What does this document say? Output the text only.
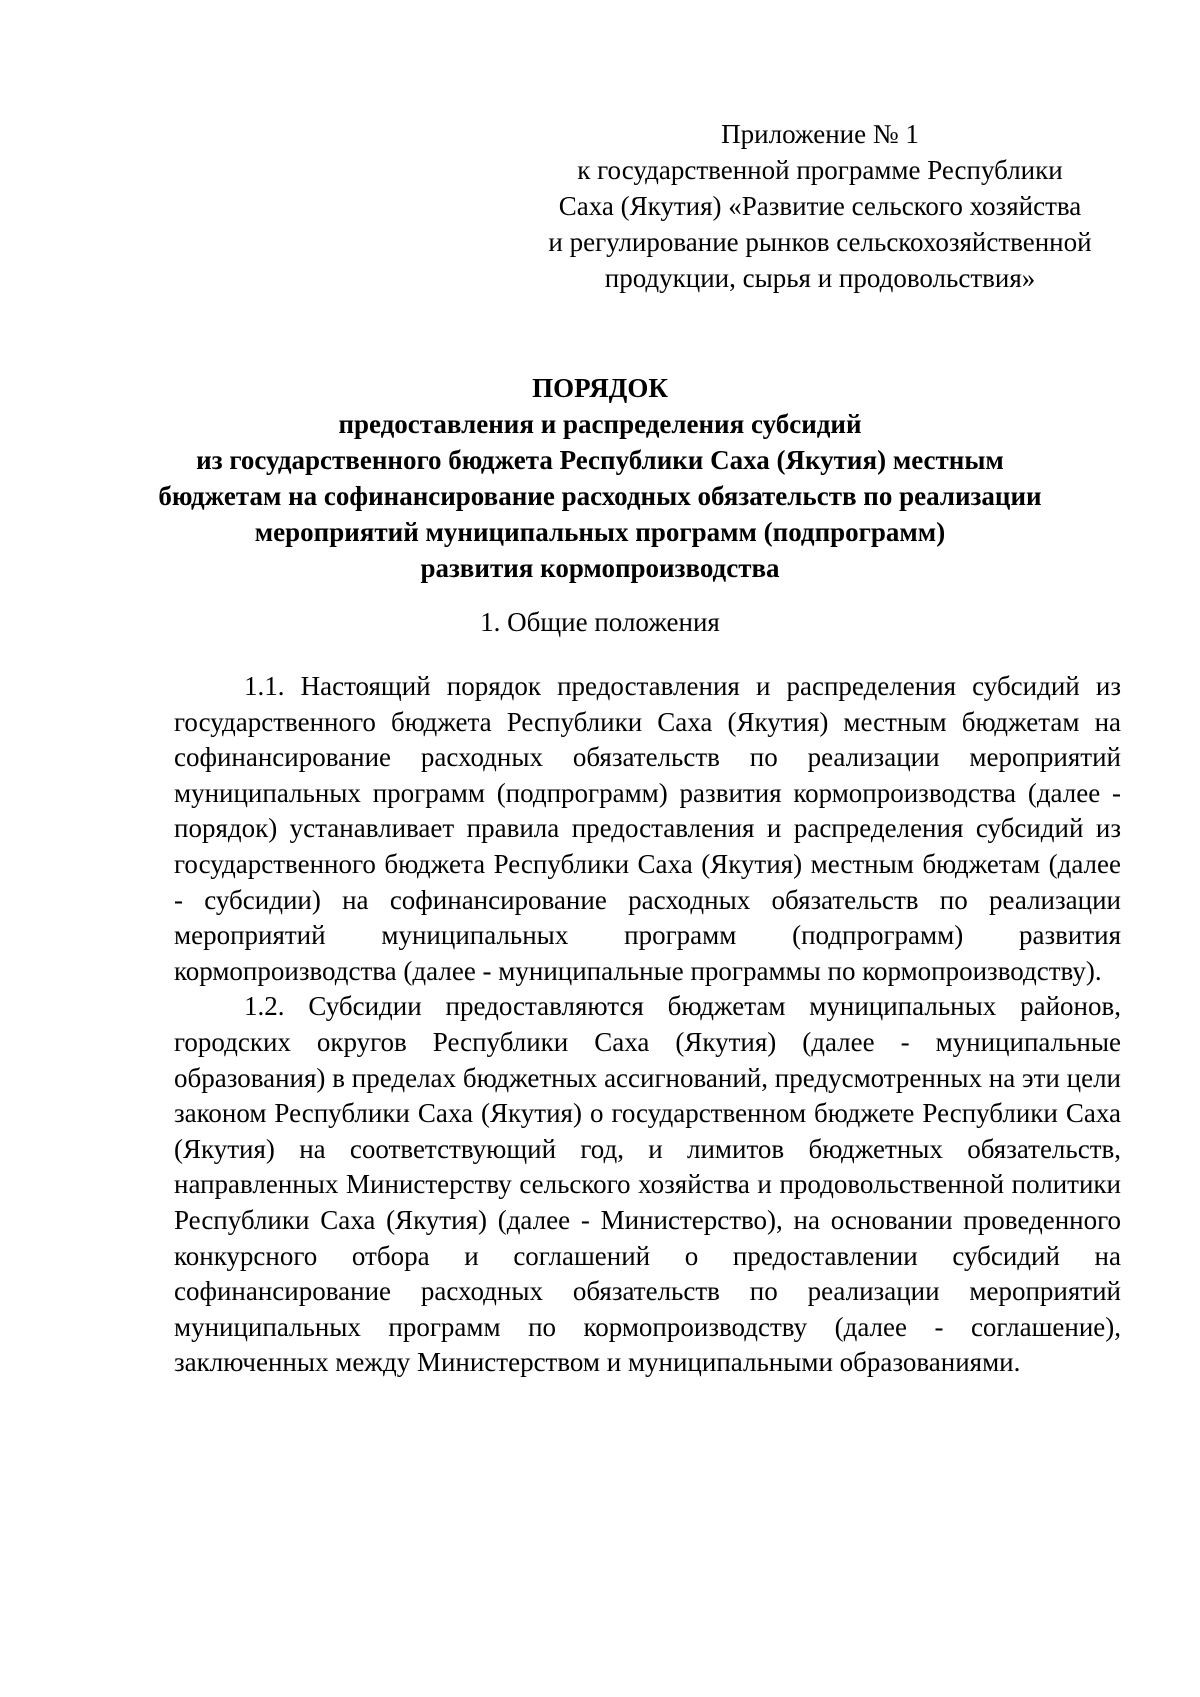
Приложение № 1
к государственной программе Республики
Саха (Якутия) «Развитие сельского хозяйства
и регулирование рынков сельскохозяйственной
продукции, сырья и продовольствия»
ПОРЯДОК
предоставления и распределения субсидий
из государственного бюджета Республики Саха (Якутия) местным
бюджетам на софинансирование расходных обязательств по реализации
мероприятий муниципальных программ (подпрограмм)
развития кормопроизводства
1. Общие положения

1.1. Настоящий порядок предоставления и распределения субсидий из государственного бюджета Республики Саха (Якутия) местным бюджетам на софинансирование расходных обязательств по реализации мероприятий муниципальных программ (подпрограмм) развития кормопроизводства (далее - порядок) устанавливает правила предоставления и распределения субсидий из государственного бюджета Республики Саха (Якутия) местным бюджетам (далее - субсидии) на софинансирование расходных обязательств по реализации мероприятий муниципальных программ (подпрограмм) развития кормопроизводства (далее - муниципальные программы по кормопроизводству).

1.2. Субсидии предоставляются бюджетам муниципальных районов, городских округов Республики Саха (Якутия) (далее - муниципальные образования) в пределах бюджетных ассигнований, предусмотренных на эти цели законом Республики Саха (Якутия) о государственном бюджете Республики Саха (Якутия) на соответствующий год, и лимитов бюджетных обязательств, направленных Министерству сельского хозяйства и продовольственной политики Республики Саха (Якутия) (далее - Министерство), на основании проведенного конкурсного отбора и соглашений о предоставлении субсидий на софинансирование расходных обязательств по реализации мероприятий муниципальных программ по кормопроизводству (далее - соглашение), заключенных между Министерством и муниципальными образованиями.
